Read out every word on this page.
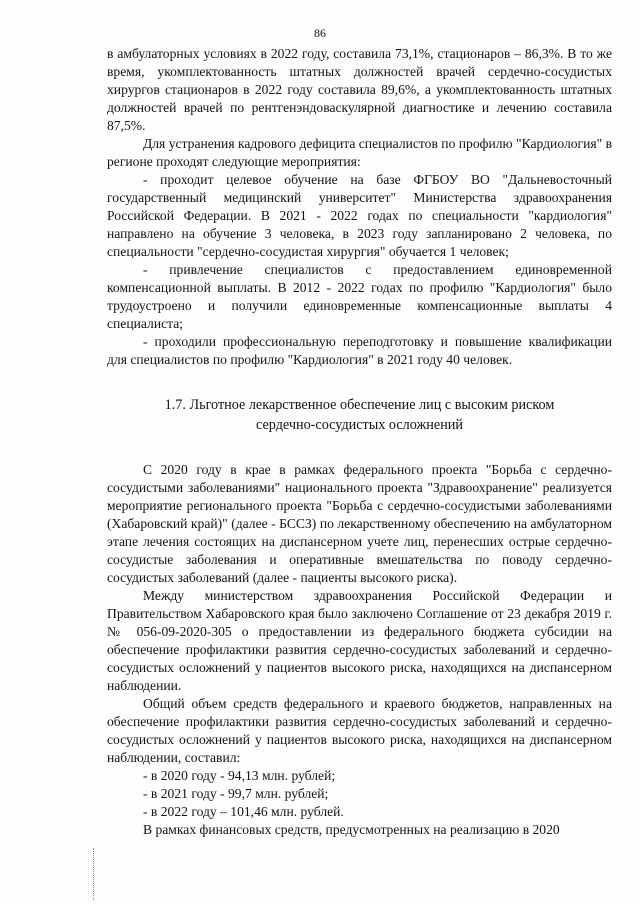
86

в амбулаторных условиях в 2022 году, составила 73,1%, стационаров – 86,3%. В то же время, укомплектованность штатных должностей врачей сердечно-сосудистых хирургов стационаров в 2022 году составила 89,6%, а укомплектованность штатных должностей врачей по рентгенэндоваскулярной диагностике и лечению составила 87,5%.

Для устранения кадрового дефицита специалистов по профилю "Кардиология" в регионе проходят следующие мероприятия:

- проходит целевое обучение на базе ФГБОУ ВО "Дальневосточный государственный медицинский университет" Министерства здравоохранения Российской Федерации. В 2021 - 2022 годах по специальности "кардиология" направлено на обучение 3 человека, в 2023 году запланировано 2 человека, по специальности "сердечно-сосудистая хирургия" обучается 1 человек;

- привлечение специалистов с предоставлением единовременной компенсационной выплаты. В 2012 - 2022 годах по профилю "Кардиология" было трудоустроено и получили единовременные компенсационные выплаты 4 специалиста;

- проходили профессиональную переподготовку и повышение квалификации для специалистов по профилю "Кардиология" в 2021 году 40 человек.

1.7. Льготное лекарственное обеспечение лиц с высоким риском
сердечно-сосудистых осложнений

С 2020 году в крае в рамках федерального проекта "Борьба с сердечно-сосудистыми заболеваниями" национального проекта "Здравоохранение" реализуется мероприятие регионального проекта "Борьба с сердечно-сосудистыми заболеваниями (Хабаровский край)" (далее - БССЗ) по лекарственному обеспечению на амбулаторном этапе лечения состоящих на диспансерном учете лиц, перенесших острые сердечно-сосудистые заболевания и оперативные вмешательства по поводу сердечно-сосудистых заболеваний (далее - пациенты высокого риска).

Между министерством здравоохранения Российской Федерации и Правительством Хабаровского края было заключено Соглашение от 23 декабря 2019 г. № 056-09-2020-305 о предоставлении из федерального бюджета субсидии на обеспечение профилактики развития сердечно-сосудистых заболеваний и сердечно-сосудистых осложнений у пациентов высокого риска, находящихся на диспансерном наблюдении.

Общий объем средств федерального и краевого бюджетов, направленных на обеспечение профилактики развития сердечно-сосудистых заболеваний и сердечно-сосудистых осложнений у пациентов высокого риска, находящихся на диспансерном наблюдении, составил:

- в 2020 году - 94,13 млн. рублей;

- в 2021 году - 99,7 млн. рублей;

- в 2022 году – 101,46 млн. рублей.

В рамках финансовых средств, предусмотренных на реализацию в 2020
